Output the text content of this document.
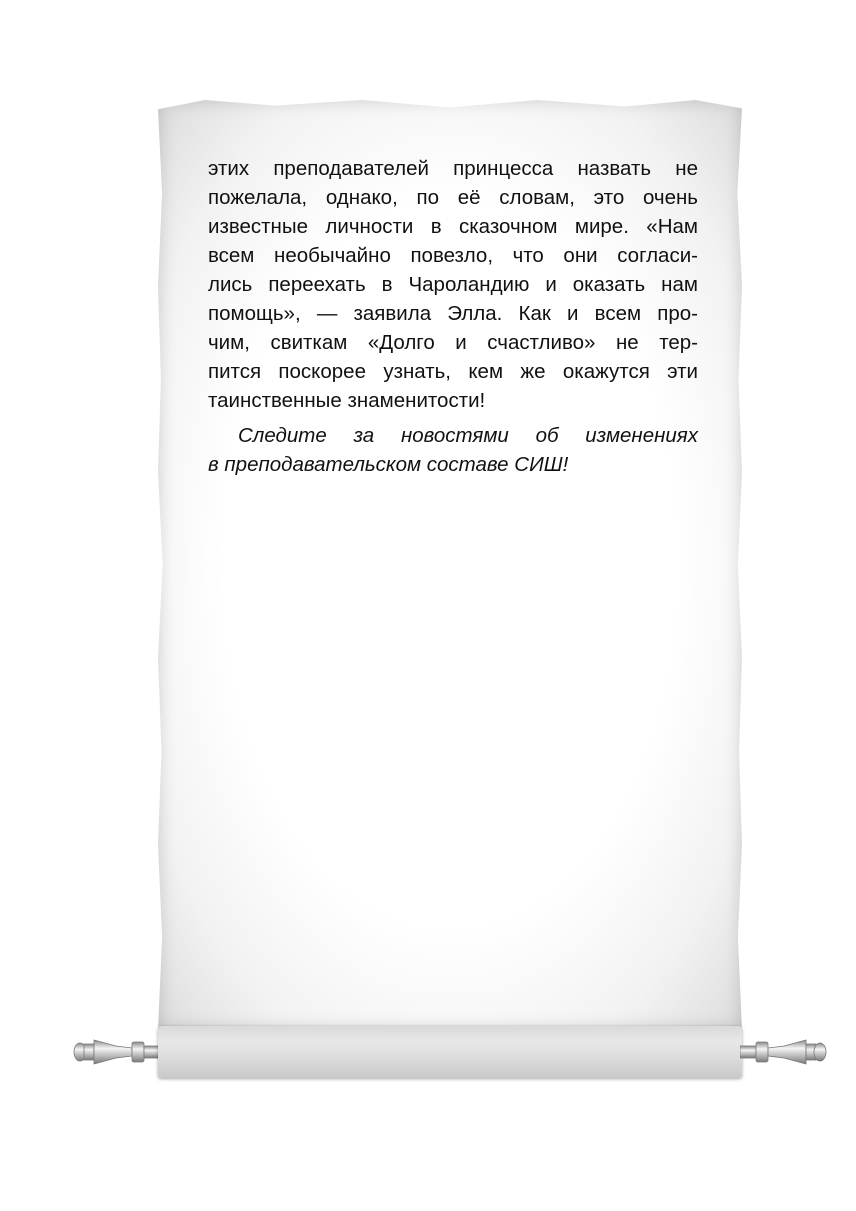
этих преподавателей принцесса назвать не
пожелала, однако, по её словам, это очень
известные личности в сказочном мире. «Нам
всем необычайно повезло, что они согласи-
лись переехать в Чароландию и оказать нам
помощь», — заявила Элла. Как и всем про-
чим, свиткам «Долго и счастливо» не тер-
пится поскорее узнать, кем же окажутся эти
таинственные знаменитости!
Следите за новостями об изменениях
в преподавательском составе СИШ!
